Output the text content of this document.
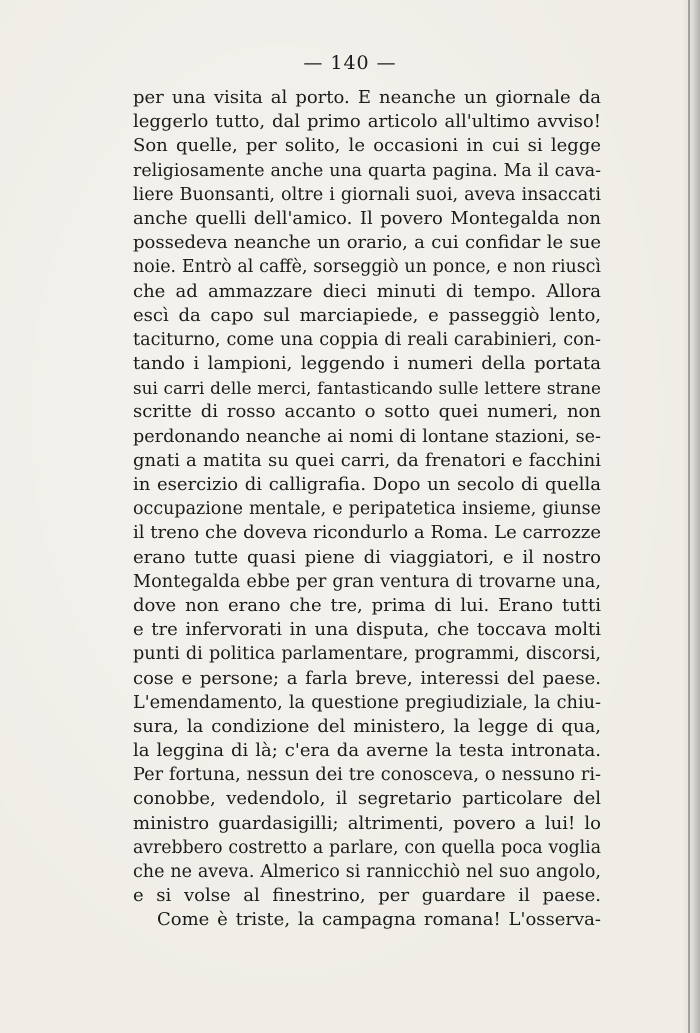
— 140 —
per una visita al porto. E neanche un giornale da
leggerlo tutto, dal primo articolo all'ultimo avviso!
Son quelle, per solito, le occasioni in cui si legge
religiosamente anche una quarta pagina. Ma il cava-
liere Buonsanti, oltre i giornali suoi, aveva insaccati
anche quelli dell'amico. Il povero Montegalda non
possedeva neanche un orario, a cui confidar le sue
noie. Entrò al caffè, sorseggiò un ponce, e non riuscì
che ad ammazzare dieci minuti di tempo. Allora
escì da capo sul marciapiede, e passeggiò lento,
taciturno, come una coppia di reali carabinieri, con-
tando i lampioni, leggendo i numeri della portata
sui carri delle merci, fantasticando sulle lettere strane
scritte di rosso accanto o sotto quei numeri, non
perdonando neanche ai nomi di lontane stazioni, se-
gnati a matita su quei carri, da frenatori e facchini
in esercizio di calligrafia. Dopo un secolo di quella
occupazione mentale, e peripatetica insieme, giunse
il treno che doveva ricondurlo a Roma. Le carrozze
erano tutte quasi piene di viaggiatori, e il nostro
Montegalda ebbe per gran ventura di trovarne una,
dove non erano che tre, prima di lui. Erano tutti
e tre infervorati in una disputa, che toccava molti
punti di politica parlamentare, programmi, discorsi,
cose e persone; a farla breve, interessi del paese.
L'emendamento, la questione pregiudiziale, la chiu-
sura, la condizione del ministero, la legge di qua,
la leggina di là; c'era da averne la testa intronata.
Per fortuna, nessun dei tre conosceva, o nessuno ri-
conobbe, vedendolo, il segretario particolare del
ministro guardasigilli; altrimenti, povero a lui! lo
avrebbero costretto a parlare, con quella poca voglia
che ne aveva. Almerico si rannicchiò nel suo angolo,
e si volse al finestrino, per guardare il paese.
Come è triste, la campagna romana! L'osserva-
